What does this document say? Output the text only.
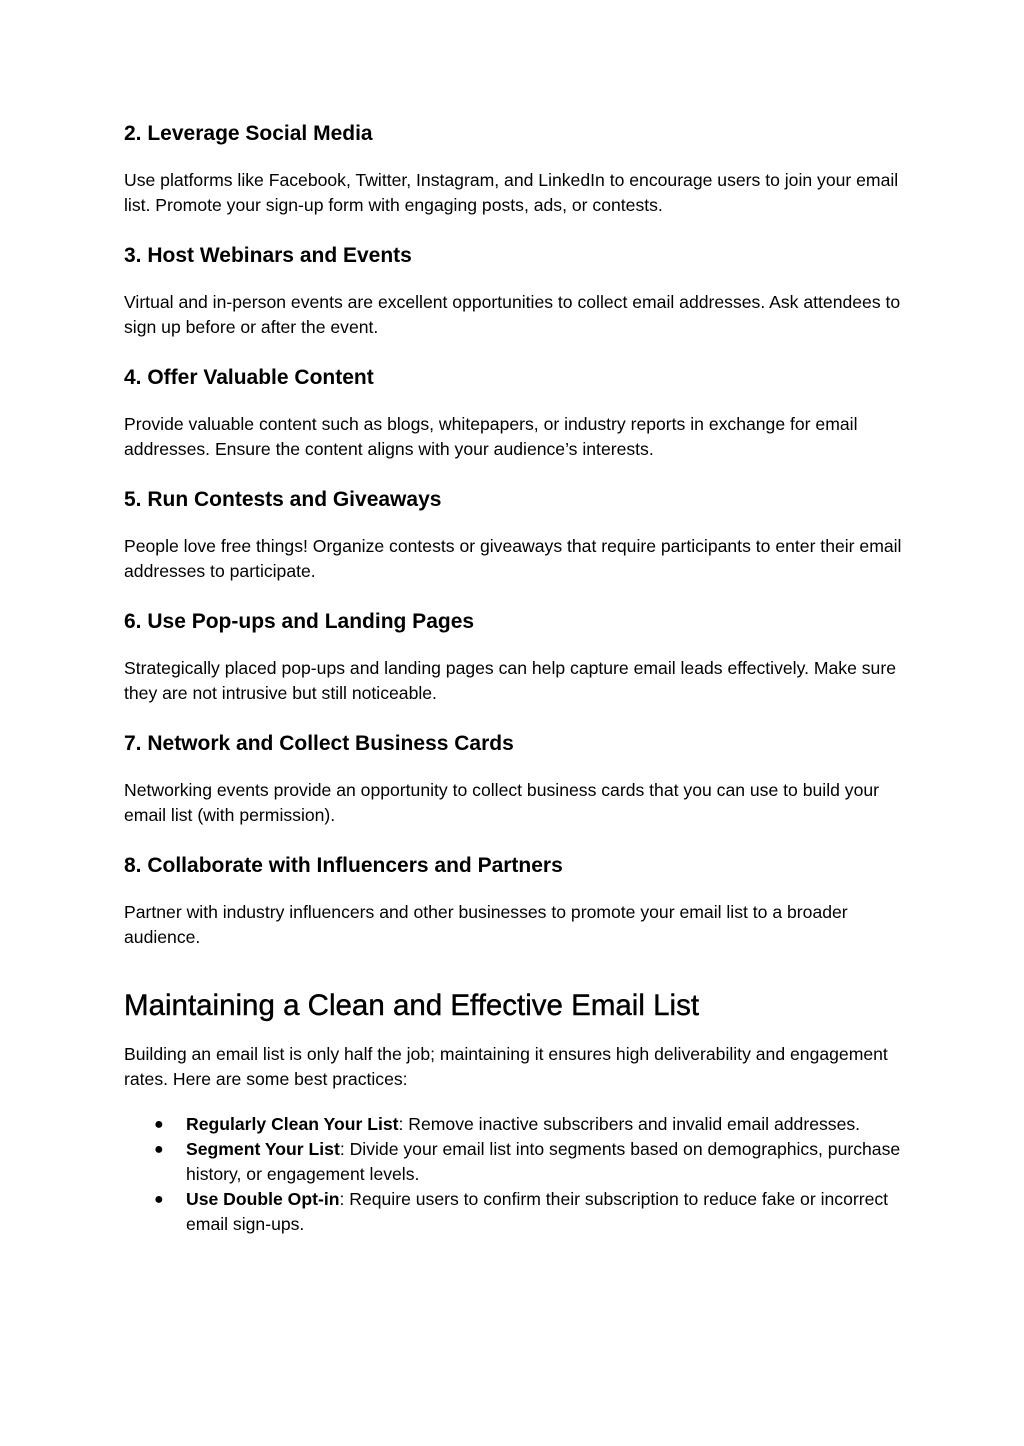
2. Leverage Social Media

Use platforms like Facebook, Twitter, Instagram, and LinkedIn to encourage users to join your email list. Promote your sign-up form with engaging posts, ads, or contests.

3. Host Webinars and Events

Virtual and in-person events are excellent opportunities to collect email addresses. Ask attendees to sign up before or after the event.

4. Offer Valuable Content

Provide valuable content such as blogs, whitepapers, or industry reports in exchange for email addresses. Ensure the content aligns with your audience’s interests.

5. Run Contests and Giveaways

People love free things! Organize contests or giveaways that require participants to enter their email addresses to participate.

6. Use Pop-ups and Landing Pages

Strategically placed pop-ups and landing pages can help capture email leads effectively. Make sure they are not intrusive but still noticeable.

7. Network and Collect Business Cards

Networking events provide an opportunity to collect business cards that you can use to build your email list (with permission).

8. Collaborate with Influencers and Partners

Partner with industry influencers and other businesses to promote your email list to a broader audience.

Maintaining a Clean and Effective Email List

Building an email list is only half the job; maintaining it ensures high deliverability and engagement rates. Here are some best practices:

● Regularly Clean Your List: Remove inactive subscribers and invalid email addresses.
● Segment Your List: Divide your email list into segments based on demographics, purchase history, or engagement levels.
● Use Double Opt-in: Require users to confirm their subscription to reduce fake or incorrect email sign-ups.
